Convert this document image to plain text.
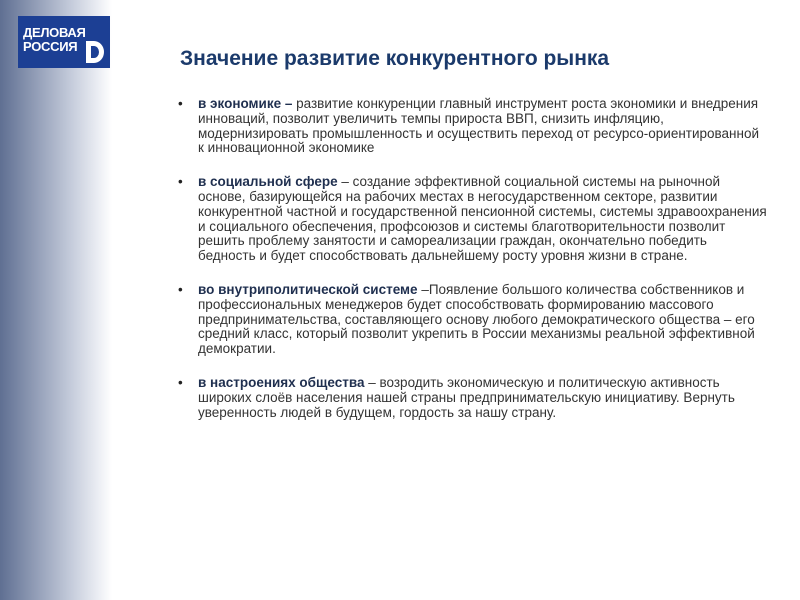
ДЕЛОВАЯ
РОССИЯ
Значение развитие конкурентного рынка
• в экономике – развитие конкуренции главный инструмент роста экономики и внедрения инноваций, позволит увеличить темпы прироста ВВП, снизить инфляцию, модернизировать промышленность и осуществить переход от ресурсо-ориентированной к инновационной экономике
• в социальной сфере – создание эффективной социальной системы на рыночной основе, базирующейся на рабочих местах в негосударственном секторе, развитии конкурентной частной и государственной пенсионной системы, системы здравоохранения и социального обеспечения, профсоюзов и системы благотворительности позволит решить проблему занятости и самореализации граждан, окончательно победить бедность и будет способствовать дальнейшему росту уровня жизни в стране.
• во внутриполитической системе –Появление большого количества собственников и профессиональных менеджеров будет способствовать формированию массового предпринимательства, составляющего основу любого демократического общества – его средний класс, который позволит укрепить в России механизмы реальной эффективной демократии.
• в настроениях общества – возродить экономическую и политическую активность широких слоёв населения нашей страны предпринимательскую инициативу. Вернуть уверенность людей в будущем, гордость за нашу страну.
